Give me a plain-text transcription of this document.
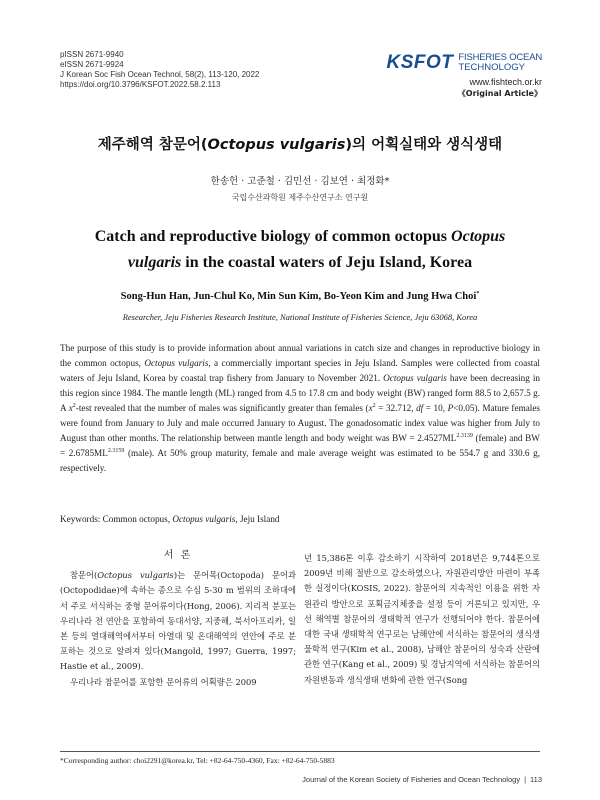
pISSN 2671-9940
eISSN 2671-9924
J Korean Soc Fish Ocean Technol, 58(2), 113-120, 2022
https://doi.org/10.3796/KSFOT.2022.58.2.113
KSFOT FISHERIES OCEAN
TECHNOLOGY
www.fishtech.or.kr
《Original Article》
제주해역 참문어(Octopus vulgaris)의 어획실태와 생식생태
한송헌 · 고준철 · 김민선 · 김보연 · 최정화*
국립수산과학원 제주수산연구소 연구원
Catch and reproductive biology of common octopus Octopus vulgaris in the coastal waters of Jeju Island, Korea
Song-Hun Han, Jun-Chul Ko, Min Sun Kim, Bo-Yeon Kim and Jung Hwa Choi*
Researcher, Jeju Fisheries Research Institute, National Institute of Fisheries Science, Jeju 63068, Korea

The purpose of this study is to provide information about annual variations in catch size and changes in reproductive biology in the common octopus, Octopus vulgaris, a commercially important species in Jeju Island. Samples were collected from coastal waters of Jeju Island, Korea by coastal trap fishery from January to November 2021. Octopus vulgaris have been decreasing in this region since 1984. The mantle length (ML) ranged from 4.5 to 17.8 cm and body weight (BW) ranged form 88.5 to 2,657.5 g. A $x^2$-test revealed that the number of males was significantly greater than females ($x^2 = 32.712$, df = 10, P<0.05). Mature females were found from January to July and male occurred January to August. The gonadosomatic index value was higher from July to August than other months. The relationship between mantle length and body weight was BW = $2.4527ML^{2.3139}$ (female) and BW = $2.6785ML^{2.3159}$ (male). At 50% group maturity, female and male average weight was estimated to be 554.7 g and 330.6 g, respectively.

Keywords: Common octopus, Octopus vulgaris, Jeju Island
서 론

참문어(Octopus vulgaris)는 문어목(Octopoda) 문어과(Octopodidae)에 속하는 종으로 수심 5-30 m 범위의 조하대에서 주로 서식하는 중형 문어류이다(Hong, 2006). 지리적 분포는 우리나라 전 연안을 포함하여 동대서양, 지중해, 북서아프리카, 일본 등의 열대해역에서부터 아열대 및 온대해역의 연안에 주로 분포하는 것으로 알려져 있다(Mangold, 1997; Guerra, 1997; Hastie et al., 2009).

우리나라 참문어를 포함한 문어류의 어획량은 2009

년 15,386톤 이후 감소하기 시작하여 2018년은 9,744톤으로 2009년 비해 절반으로 감소하였으나, 자원관리방안 마련이 부족한 실정이다(KOSIS, 2022). 참문어의 지속적인 이용을 위한 자원관리 방안으로 포획금지체중을 설정 등이 거론되고 있지만, 우선 해역별 참문어의 생태학적 연구가 선행되어야 한다. 참문어에 대한 국내 생태학적 연구로는 남해안에 서식하는 참문어의 생식생물학적 연구(Kim et al., 2008), 남해안 참문어의 성숙과 산란에 관한 연구(Kang et al., 2009) 및 경남지역에 서식하는 참문어의 자원변동과 생식생태 변화에 관한 연구(Song

*Corresponding author: choi2291@korea.kr, Tel: +82-64-750-4360, Fax: +82-64-750-5883
Journal of the Korean Society of Fisheries and Ocean Technology | 113
